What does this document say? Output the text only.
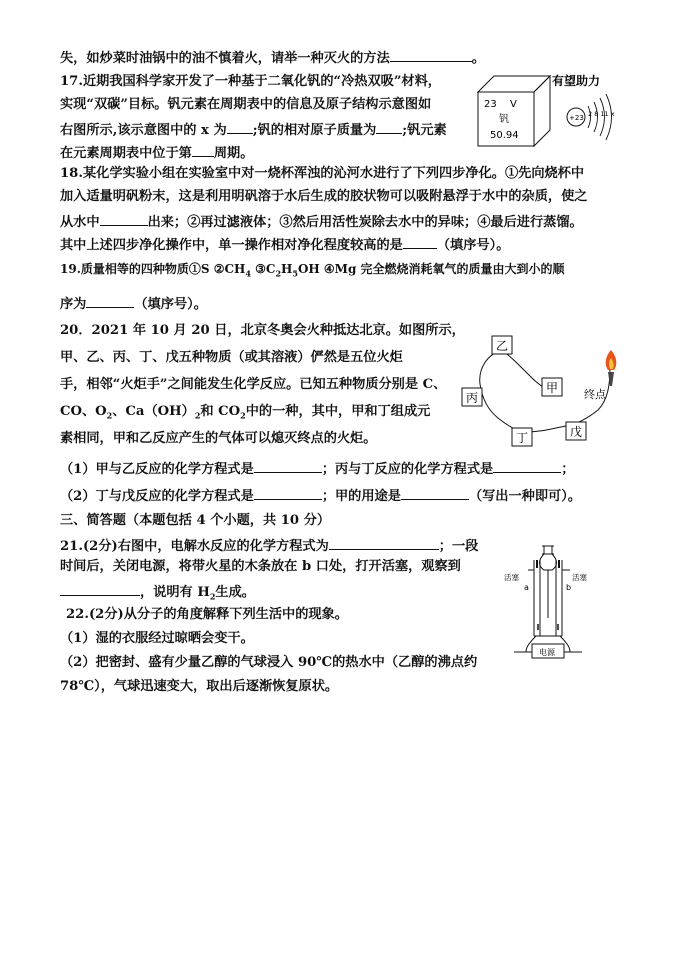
失，如炒菜时油锅中的油不慎着火，请举一种灭火的方法	。
17.近期我国科学家开发了一种基于二氧化钒的“冷热双吸”材料，
实现“双碳”目标。钒元素在周期表中的信息及原子结构示意图如
右图所示,该示意图中的 x 为 ;钒的相对原子质量为 ;钒元素
在元素周期表中位于第 周期。
23 V
钒
50.94
有望助力
+23 2 8 11 x
18.某化学实验小组在实验室中对一烧杯浑浊的沁河水进行了下列四步净化。①先向烧杯中
加入适量明矾粉末，这是利用明矾溶于水后生成的胶状物可以吸附悬浮于水中的杂质，使之
从水中	出来；②再过滤液体；③然后用活性炭除去水中的异味；④最后进行蒸馏。
其中上述四步净化操作中，单一操作相对净化程度较高的是	（填序号）。
19.质量相等的四种物质①S $②CH_4$ $③C_2H_5OH$ ④Mg 完全燃烧消耗氧气的质量由大到小的顺
序为	（填序号）。
20．2021 年 10 月 20 日，北京冬奥会火种抵达北京。如图所示，
甲、乙、丙、丁、戊五种物质（或其溶液）俨然是五位火炬
手，相邻“火炬手”之间能发生化学反应。已知五种物质分别是 C、
CO、$O_2$、$Ca(OH)_2$和 $CO_2$中的一种，其中，甲和丁组成元
素相同，甲和乙反应产生的气体可以熄灭终点的火炬。
（1）甲与乙反应的化学方程式是	；丙与丁反应的化学方程式是	；
（2）丁与戊反应的化学方程式是	；甲的用途是	（写出一种即可）。
乙
甲
丙
丁	戊
终点
三、简答题（本题包括 4 个小题，共 10 分）
21.(2分)右图中，电解水反应的化学方程式为	；一段
时间后，关闭电源，将带火星的木条放在 b 口处，打开活塞，观察到
，说明有 $H_2$生成。
活塞	活塞
a	b
电源
22.(2分)从分子的角度解释下列生活中的现象。
（1）湿的衣服经过晾晒会变干。
（2）把密封、盛有少量乙醇的气球浸入 90℃的热水中（乙醇的沸点约
78℃），气球迅速变大，取出后逐渐恢复原状。
